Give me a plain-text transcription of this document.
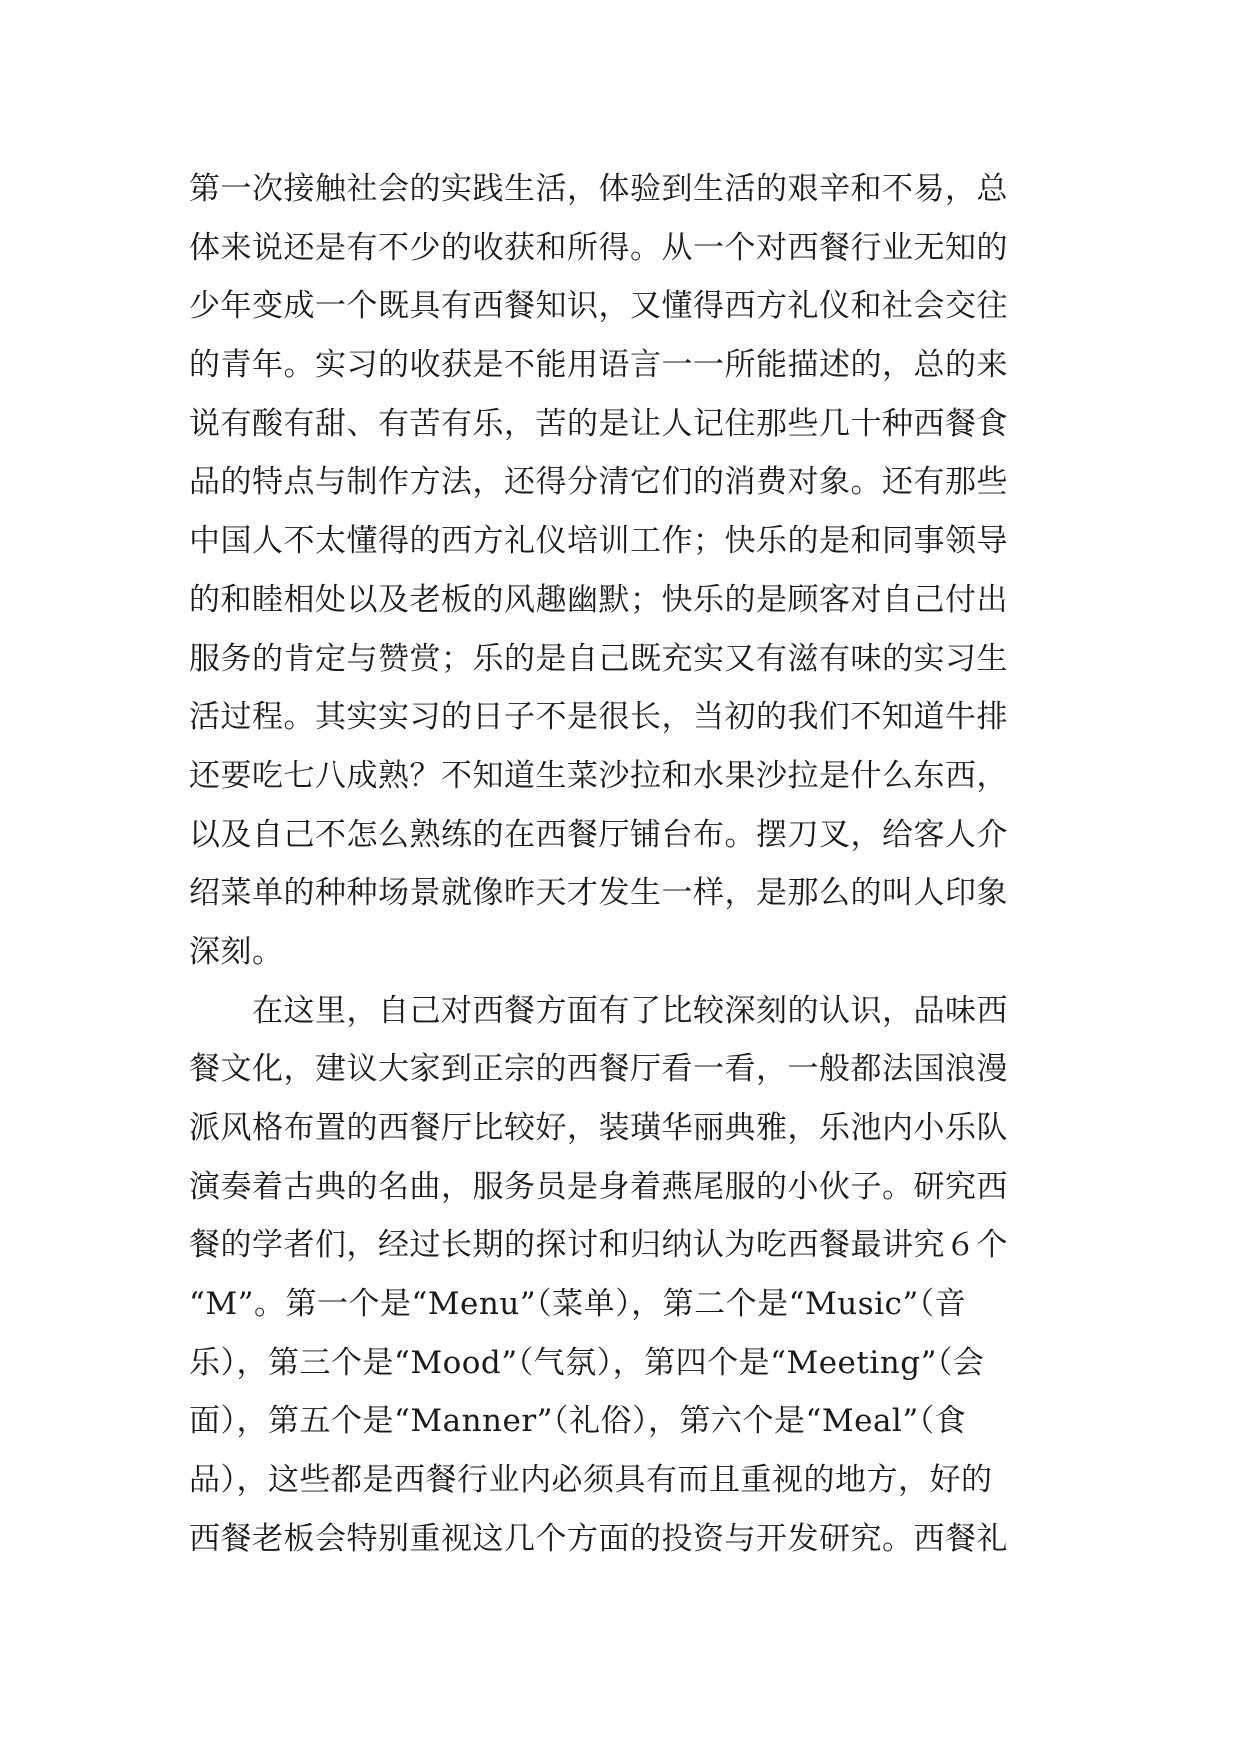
第一次接触社会的实践生活，体验到生活的艰辛和不易，总
体来说还是有不少的收获和所得。从一个对西餐行业无知的
少年变成一个既具有西餐知识，又懂得西方礼仪和社会交往
的青年。实习的收获是不能用语言一一所能描述的，总的来
说有酸有甜、有苦有乐，苦的是让人记住那些几十种西餐食
品的特点与制作方法，还得分清它们的消费对象。还有那些
中国人不太懂得的西方礼仪培训工作；快乐的是和同事领导
的和睦相处以及老板的风趣幽默；快乐的是顾客对自己付出
服务的肯定与赞赏；乐的是自己既充实又有滋有味的实习生
活过程。其实实习的日子不是很长，当初的我们不知道牛排
还要吃七八成熟？不知道生菜沙拉和水果沙拉是什么东西，
以及自己不怎么熟练的在西餐厅铺台布。摆刀叉，给客人介
绍菜单的种种场景就像昨天才发生一样，是那么的叫人印象
深刻。
　　在这里，自己对西餐方面有了比较深刻的认识，品味西
餐文化，建议大家到正宗的西餐厅看一看，一般都法国浪漫
派风格布置的西餐厅比较好，装璜华丽典雅，乐池内小乐队
演奏着古典的名曲，服务员是身着燕尾服的小伙子。研究西
餐的学者们，经过长期的探讨和归纳认为吃西餐最讲究６个
“M”。第一个是“Menu”（菜单），第二个是“Music”（音
乐），第三个是“Mood”（气氛），第四个是“Meeting”（会
面），第五个是“Manner”（礼俗），第六个是“Meal”（食
品），这些都是西餐行业内必须具有而且重视的地方，好的
西餐老板会特别重视这几个方面的投资与开发研究。西餐礼
